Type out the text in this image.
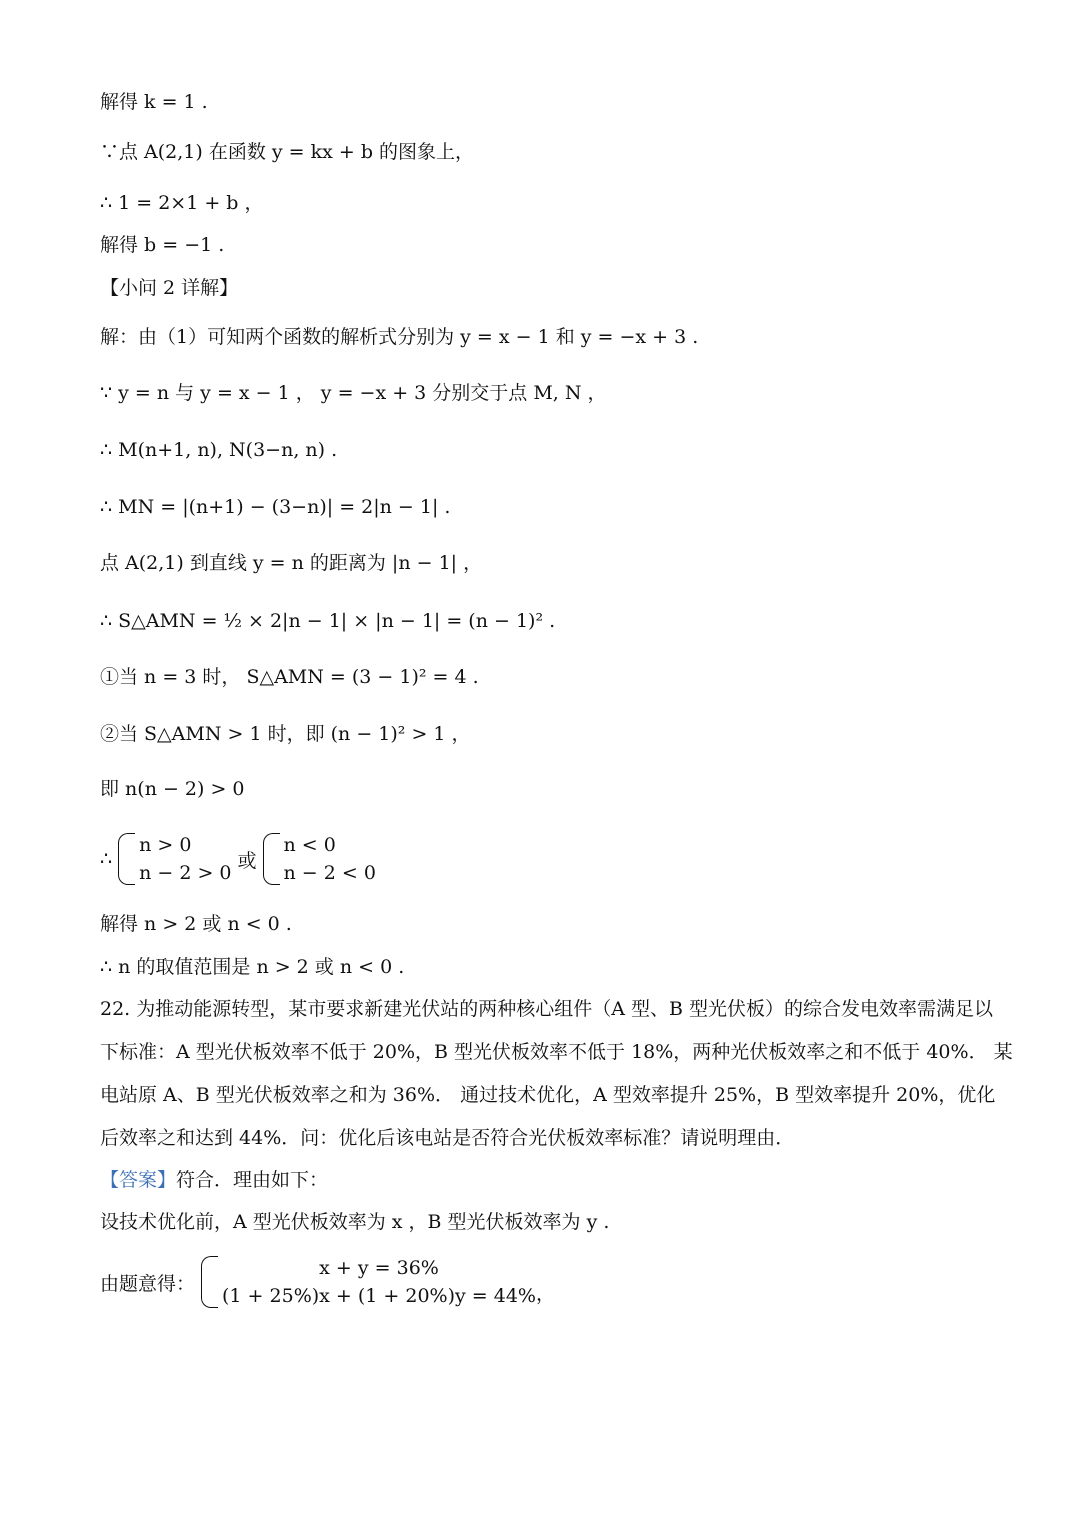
解得 k = 1 .
∵点 A(2,1) 在函数 y = kx + b 的图象上，
∴ 1 = 2×1 + b ，
解得 b = −1 .
【小问 2 详解】
解：由（1）可知两个函数的解析式分别为 y = x − 1 和 y = −x + 3 .
∵ y = n 与 y = x − 1 ， y = −x + 3 分别交于点 M, N ，
∴ M(n+1, n), N(3−n, n) .
∴ MN = |(n+1) − (3−n)| = 2|n − 1| .
点 A(2,1) 到直线 y = n 的距离为 |n − 1| ，
∴ S△AMN = ½ × 2|n − 1| × |n − 1| = (n − 1)² .
①当 n = 3 时， S△AMN = (3 − 1)² = 4 .
②当 S△AMN > 1 时，即 (n − 1)² > 1 ，
即 n(n − 2) > 0
∴
n > 0
n − 2 > 0
或
n < 0
n − 2 < 0
解得 n > 2 或 n < 0 .
∴ n 的取值范围是 n > 2 或 n < 0 .

22. 为推动能源转型，某市要求新建光伏站的两种核心组件（A 型、B 型光伏板）的综合发电效率需满足以

下标准：A 型光伏板效率不低于 20%，B 型光伏板效率不低于 18%，两种光伏板效率之和不低于 40%． 某

电站原 A、B 型光伏板效率之和为 36%． 通过技术优化，A 型效率提升 25%，B 型效率提升 20%，优化

后效率之和达到 44%．问：优化后该电站是否符合光伏板效率标准？请说明理由．

【答案】符合．理由如下：
设技术优化前，A 型光伏板效率为 x ，B 型光伏板效率为 y .
由题意得：
x + y = 36%
(1 + 25%)x + (1 + 20%)y = 44% ，
